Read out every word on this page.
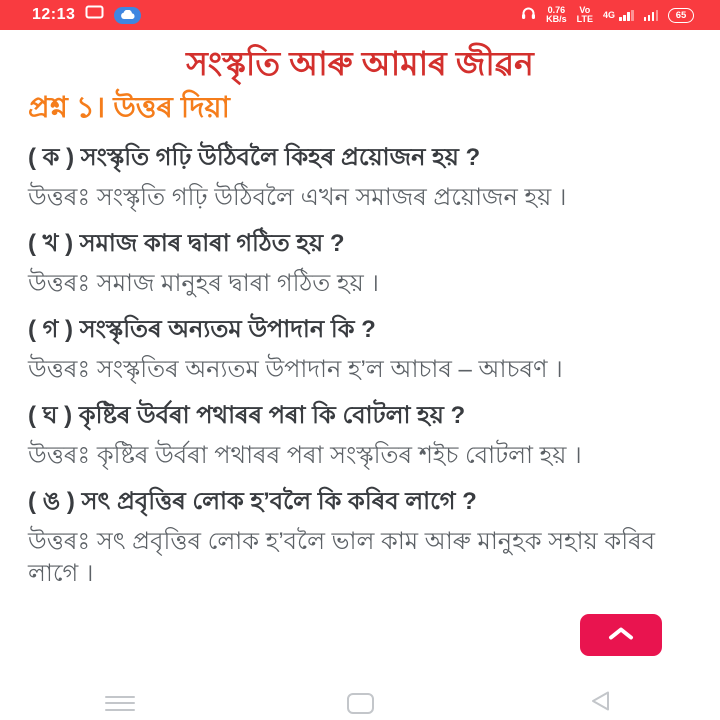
12:13	0.76
KB/s
Vo
LTE 4G	65
সংস্কৃতি আৰু আমাৰ জীৱন
প্ৰশ্ন ১। উত্তৰ দিয়া

( ক ) সংস্কৃতি গঢ়ি উঠিবলৈ কিহৰ প্ৰয়োজন হয় ?

উত্তৰঃ সংস্কৃতি গঢ়ি উঠিবলৈ এখন সমাজৰ প্ৰয়োজন হয় ।

( খ ) সমাজ কাৰ দ্বাৰা গঠিত হয় ?

উত্তৰঃ সমাজ মানুহৰ দ্বাৰা গঠিত হয় ।

( গ ) সংস্কৃতিৰ অন্যতম উপাদান কি ?

উত্তৰঃ সংস্কৃতিৰ অন্যতম উপাদান হ’ল আচাৰ – আচৰণ ।

( ঘ ) কৃষ্টিৰ উৰ্বৰা পথাৰৰ পৰা কি বোটলা হয় ?

উত্তৰঃ কৃষ্টিৰ উৰ্বৰা পথাৰৰ পৰা সংস্কৃতিৰ শইচ বোটলা হয় ।

( ঙ ) সৎ প্ৰবৃত্তিৰ লোক হ’বলৈ কি কৰিব লাগে ?

উত্তৰঃ সৎ প্ৰবৃত্তিৰ লোক হ’বলৈ ভাল কাম আৰু মানুহক সহায় কৰিব লাগে ।
